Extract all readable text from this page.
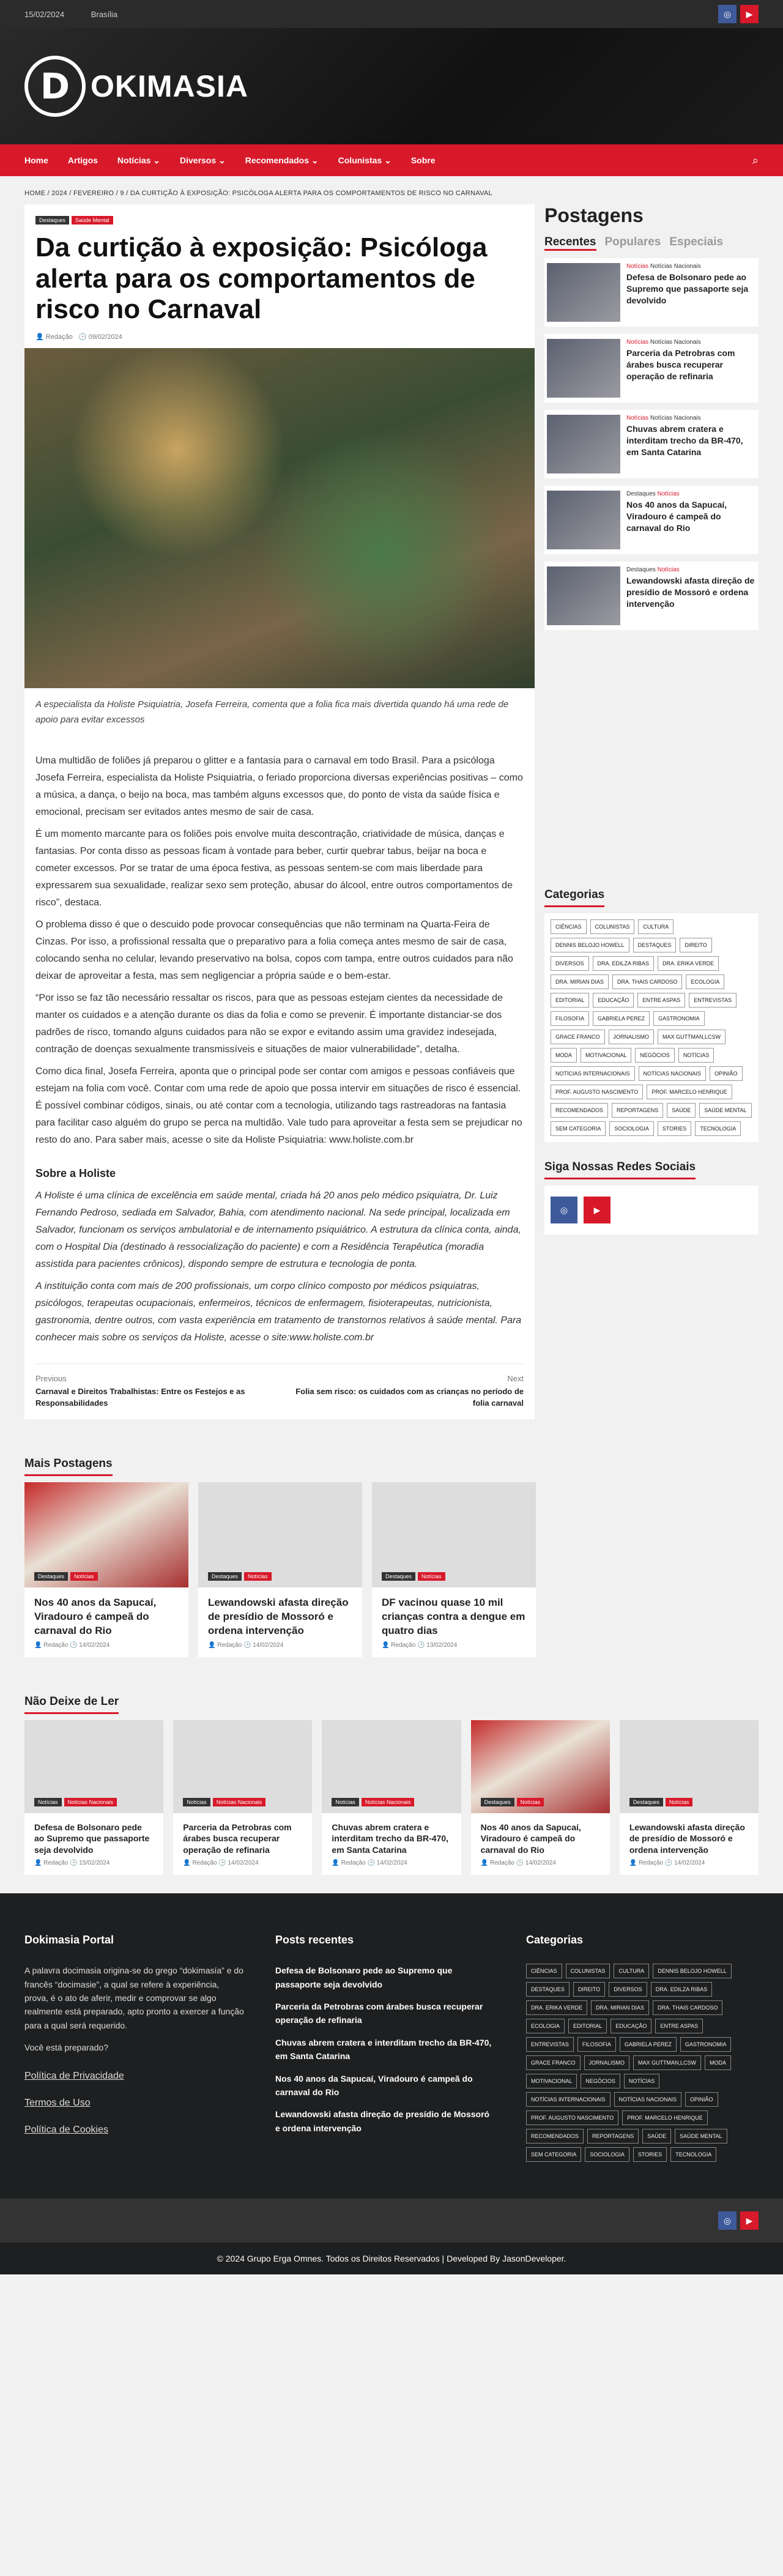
15/02/2024	Brasília	◎	▶
D OKIMASIA
Home Artigos Notícias ⌄ Diversos ⌄ Recomendados ⌄ Colunistas ⌄ Sobre	⌕
HOME / 2024 / FEVEREIRO / 9 / DA CURTIÇÃO À EXPOSIÇÃO: PSICÓLOGA ALERTA PARA OS COMPORTAMENTOS DE RISCO NO CARNAVAL
Destaques Saúde Mental
Da curtição à exposição: Psicóloga alerta para os comportamentos de risco no Carnaval
👤 Redação   🕒 09/02/2024

A especialista da Holiste Psiquiatria, Josefa Ferreira, comenta que a folia fica mais divertida quando há uma rede de apoio para evitar excessos

Uma multidão de foliões já preparou o glitter e a fantasia para o carnaval em todo Brasil. Para a psicóloga Josefa Ferreira, especialista da Holiste Psiquiatria, o feriado proporciona diversas experiências positivas – como a música, a dança, o beijo na boca, mas também alguns excessos que, do ponto de vista da saúde física e emocional, precisam ser evitados antes mesmo de sair de casa.

É um momento marcante para os foliões pois envolve muita descontração, criatividade de música, danças e fantasias. Por conta disso as pessoas ficam à vontade para beber, curtir quebrar tabus, beijar na boca e cometer excessos. Por se tratar de uma época festiva, as pessoas sentem-se com mais liberdade para expressarem sua sexualidade, realizar sexo sem proteção, abusar do álcool, entre outros comportamentos de risco”, destaca.

O problema disso é que o descuido pode provocar consequências que não terminam na Quarta-Feira de Cinzas. Por isso, a profissional ressalta que o preparativo para a folia começa antes mesmo de sair de casa, colocando senha no celular, levando preservativo na bolsa, copos com tampa, entre outros cuidados para não deixar de aproveitar a festa, mas sem negligenciar a própria saúde e o bem-estar.

“Por isso se faz tão necessário ressaltar os riscos, para que as pessoas estejam cientes da necessidade de manter os cuidados e a atenção durante os dias da folia e como se prevenir. É importante distanciar-se dos padrões de risco, tomando alguns cuidados para não se expor e evitando assim uma gravidez indesejada, contração de doenças sexualmente transmissíveis e situações de maior vulnerabilidade”, detalha.

Como dica final, Josefa Ferreira, aponta que o principal pode ser contar com amigos e pessoas confiáveis que estejam na folia com você. Contar com uma rede de apoio que possa intervir em situações de risco é essencial. É possível combinar códigos, sinais, ou até contar com a tecnologia, utilizando tags rastreadoras na fantasia para facilitar caso alguém do grupo se perca na multidão. Vale tudo para aproveitar a festa sem se prejudicar no resto do ano. Para saber mais, acesse o site da Holiste Psiquiatria: www.holiste.com.br

Sobre a Holiste

A Holiste é uma clínica de excelência em saúde mental, criada há 20 anos pelo médico psiquiatra, Dr. Luiz Fernando Pedroso, sediada em Salvador, Bahia, com atendimento nacional. Na sede principal, localizada em Salvador, funcionam os serviços ambulatorial e de internamento psiquiátrico. A estrutura da clínica conta, ainda, com o Hospital Dia (destinado à ressocialização do paciente) e com a Residência Terapêutica (moradia assistida para pacientes crônicos), dispondo sempre de estrutura e tecnologia de ponta.

A instituição conta com mais de 200 profissionais, um corpo clínico composto por médicos psiquiatras, psicólogos, terapeutas ocupacionais, enfermeiros, técnicos de enfermagem, fisioterapeutas, nutricionista, gastronomia, dentre outros, com vasta experiência em tratamento de transtornos relativos à saúde mental. Para conhecer mais sobre os serviços da Holiste, acesse o site:www.holiste.com.br

Previous
Carnaval e Direitos Trabalhistas: Entre os Festejos e as Responsabilidades
Next
Folia sem risco: os cuidados com as crianças no período de folia carnaval
Postagens
Recentes Populares Especiais
Notícias Notícias Nacionais
Defesa de Bolsonaro pede ao Supremo que passaporte seja devolvido
Notícias Notícias Nacionais
Parceria da Petrobras com árabes busca recuperar operação de refinaria
Notícias Notícias Nacionais
Chuvas abrem cratera e interditam trecho da BR-470, em Santa Catarina
Destaques Notícias
Nos 40 anos da Sapucaí, Viradouro é campeã do carnaval do Rio
Destaques Notícias
Lewandowski afasta direção de presídio de Mossoró e ordena intervenção
Categorias
CIÊNCIAS	COLUNISTAS	CULTURA
DENNIS BELOJO HOWELL	DESTAQUES	DIREITO
DIVERSOS	DRA. EDILZA RIBAS	DRA. ERIKA VERDE
DRA. MIRIAN DIAS	DRA. THAIS CARDOSO	ECOLOGIA
EDITORIAL	EDUCAÇÃO	ENTRE ASPAS	ENTREVISTAS
FILOSOFIA	GABRIELA PEREZ	GASTRONOMIA
GRACE FRANCO	JORNALISMO	MAX GUTTMAN,LCSW
MODA	MOTIVACIONAL	NEGÓCIOS	NOTÍCIAS
NOTÍCIAS INTERNACIONAIS	NOTÍCIAS NACIONAIS	OPINIÃO
PROF. AUGUSTO NASCIMENTO	PROF. MARCELO HENRIQUE
RECOMENDADOS	REPORTAGENS	SAÚDE	SAÚDE MENTAL
SEM CATEGORIA	SOCIOLOGIA	STORIES	TECNOLOGIA
Siga Nossas Redes Sociais
◎	▶
Mais Postagens
Destaques Notícias
Nos 40 anos da Sapucaí, Viradouro é campeã do carnaval do Rio
👤 Redação 🕒 14/02/2024
Destaques Notícias
Lewandowski afasta direção de presídio de Mossoró e ordena intervenção
👤 Redação 🕒 14/02/2024
Destaques Notícias
DF vacinou quase 10 mil crianças contra a dengue em quatro dias
👤 Redação 🕒 13/02/2024
Não Deixe de Ler
Notícias Notícias Nacionais
Defesa de Bolsonaro pede ao Supremo que passaporte seja devolvido
👤 Redação 🕒 15/02/2024
Notícias Notícias Nacionais
Parceria da Petrobras com árabes busca recuperar operação de refinaria
👤 Redação 🕒 14/02/2024
Notícias Notícias Nacionais
Chuvas abrem cratera e interditam trecho da BR-470, em Santa Catarina
👤 Redação 🕒 14/02/2024
Destaques Notícias
Nos 40 anos da Sapucaí, Viradouro é campeã do carnaval do Rio
👤 Redação 🕒 14/02/2024
Destaques Notícias
Lewandowski afasta direção de presídio de Mossoró e ordena intervenção
👤 Redação 🕒 14/02/2024
Dokimasia Portal

A palavra docimasia origina-se do grego “dokimasía” e do francês “docimasie”, a qual se refere à experiência, prova, é o ato de aferir, medir e comprovar se algo realmente está preparado, apto pronto a exercer a função para a qual será requerido.

Você está preparado?

Política de Privacidade
Termos de Uso
Política de Cookies
Posts recentes
Defesa de Bolsonaro pede ao Supremo que passaporte seja devolvido
Parceria da Petrobras com árabes busca recuperar operação de refinaria
Chuvas abrem cratera e interditam trecho da BR-470, em Santa Catarina
Nos 40 anos da Sapucaí, Viradouro é campeã do carnaval do Rio
Lewandowski afasta direção de presídio de Mossoró e ordena intervenção
Categorias
CIÊNCIAS	COLUNISTAS	CULTURA	DENNIS BELOJO HOWELL
DESTAQUES	DIREITO	DIVERSOS	DRA. EDILZA RIBAS
DRA. ERIKA VERDE	DRA. MIRIAN DIAS	DRA. THAIS CARDOSO
ECOLOGIA	EDITORIAL	EDUCAÇÃO	ENTRE ASPAS
ENTREVISTAS	FILOSOFIA	GABRIELA PEREZ	GASTRONOMIA
GRACE FRANCO	JORNALISMO	MAX GUTTMAN,LCSW	MODA
MOTIVACIONAL	NEGÓCIOS	NOTÍCIAS
NOTÍCIAS INTERNACIONAIS	NOTÍCIAS NACIONAIS	OPINIÃO
PROF. AUGUSTO NASCIMENTO	PROF. MARCELO HENRIQUE
RECOMENDADOS	REPORTAGENS	SAÚDE	SAÚDE MENTAL
SEM CATEGORIA	SOCIOLOGIA	STORIES	TECNOLOGIA
◎	▶
© 2024 Grupo Erga Omnes. Todos os Direitos Reservados | Developed By JasonDeveloper.
